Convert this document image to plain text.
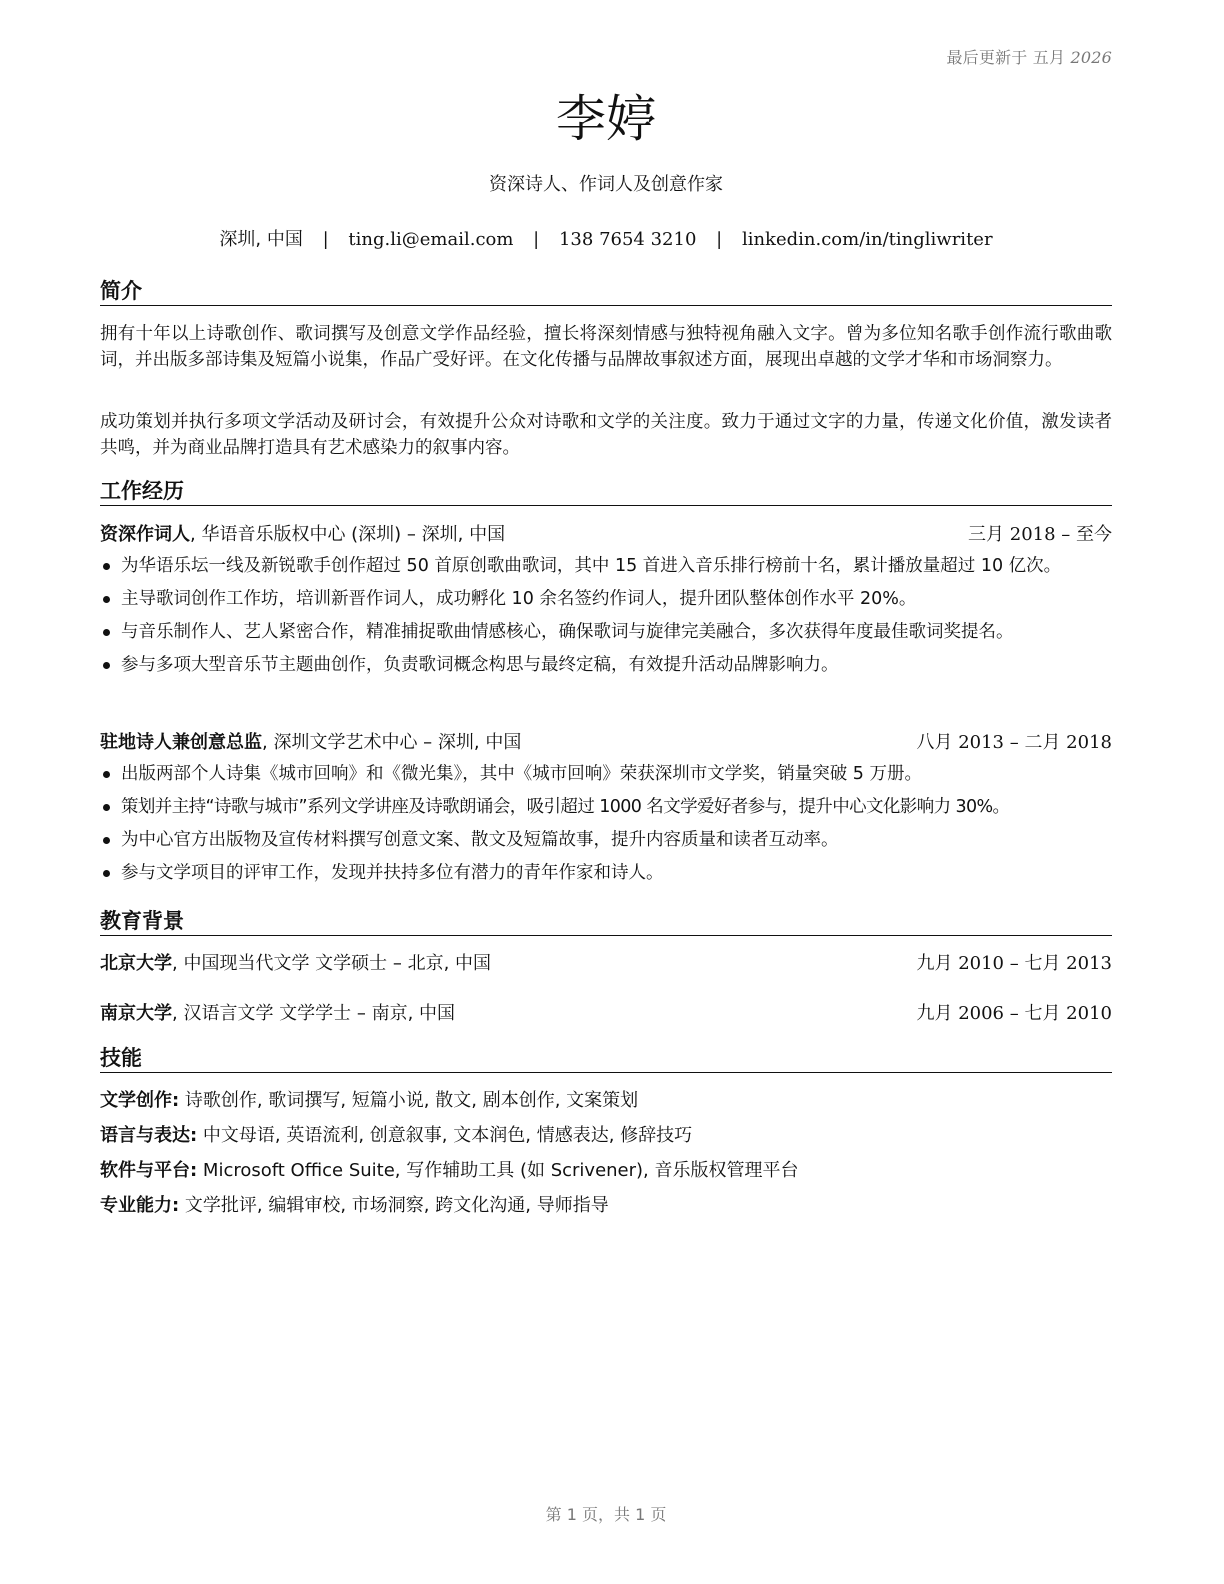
最后更新于 五月 2026
李婷
资深诗人、作词人及创意作家
深圳, 中国 | ting.li@email.com | 138 7654 3210 | linkedin.com/in/tingliwriter
简介

拥有十年以上诗歌创作、歌词撰写及创意文学作品经验，擅长将深刻情感与独特视角融入文字。曾为多位知名歌手创作流行歌曲歌词，并出版多部诗集及短篇小说集，作品广受好评。在文化传播与品牌故事叙述方面，展现出卓越的文学才华和市场洞察力。

成功策划并执行多项文学活动及研讨会，有效提升公众对诗歌和文学的关注度。致力于通过文字的力量，传递文化价值，激发读者共鸣，并为商业品牌打造具有艺术感染力的叙事内容。

工作经历
资深作词人, 华语音乐版权中心 (深圳) – 深圳, 中国	三月 2018 – 至今
为华语乐坛一线及新锐歌手创作超过 50 首原创歌曲歌词，其中 15 首进入音乐排行榜前十名，累计播放量超过 10 亿次。
主导歌词创作工作坊，培训新晋作词人，成功孵化 10 余名签约作词人，提升团队整体创作水平 20%。
与音乐制作人、艺人紧密合作，精准捕捉歌曲情感核心，确保歌词与旋律完美融合，多次获得年度最佳歌词奖提名。
参与多项大型音乐节主题曲创作，负责歌词概念构思与最终定稿，有效提升活动品牌影响力。
驻地诗人兼创意总监, 深圳文学艺术中心 – 深圳, 中国	八月 2013 – 二月 2018
出版两部个人诗集《城市回响》和《微光集》，其中《城市回响》荣获深圳市文学奖，销量突破 5 万册。
策划并主持“诗歌与城市”系列文学讲座及诗歌朗诵会，吸引超过 1000 名文学爱好者参与，提升中心文化影响力 30%。
为中心官方出版物及宣传材料撰写创意文案、散文及短篇故事，提升内容质量和读者互动率。
参与文学项目的评审工作，发现并扶持多位有潜力的青年作家和诗人。
教育背景
北京大学, 中国现当代文学 文学硕士 – 北京, 中国	九月 2010 – 七月 2013
南京大学, 汉语言文学 文学学士 – 南京, 中国	九月 2006 – 七月 2010
技能
文学创作: 诗歌创作, 歌词撰写, 短篇小说, 散文, 剧本创作, 文案策划
语言与表达: 中文母语, 英语流利, 创意叙事, 文本润色, 情感表达, 修辞技巧
软件与平台: Microsoft Office Suite, 写作辅助工具 (如 Scrivener), 音乐版权管理平台
专业能力: 文学批评, 编辑审校, 市场洞察, 跨文化沟通, 导师指导
第 1 页，共 1 页
